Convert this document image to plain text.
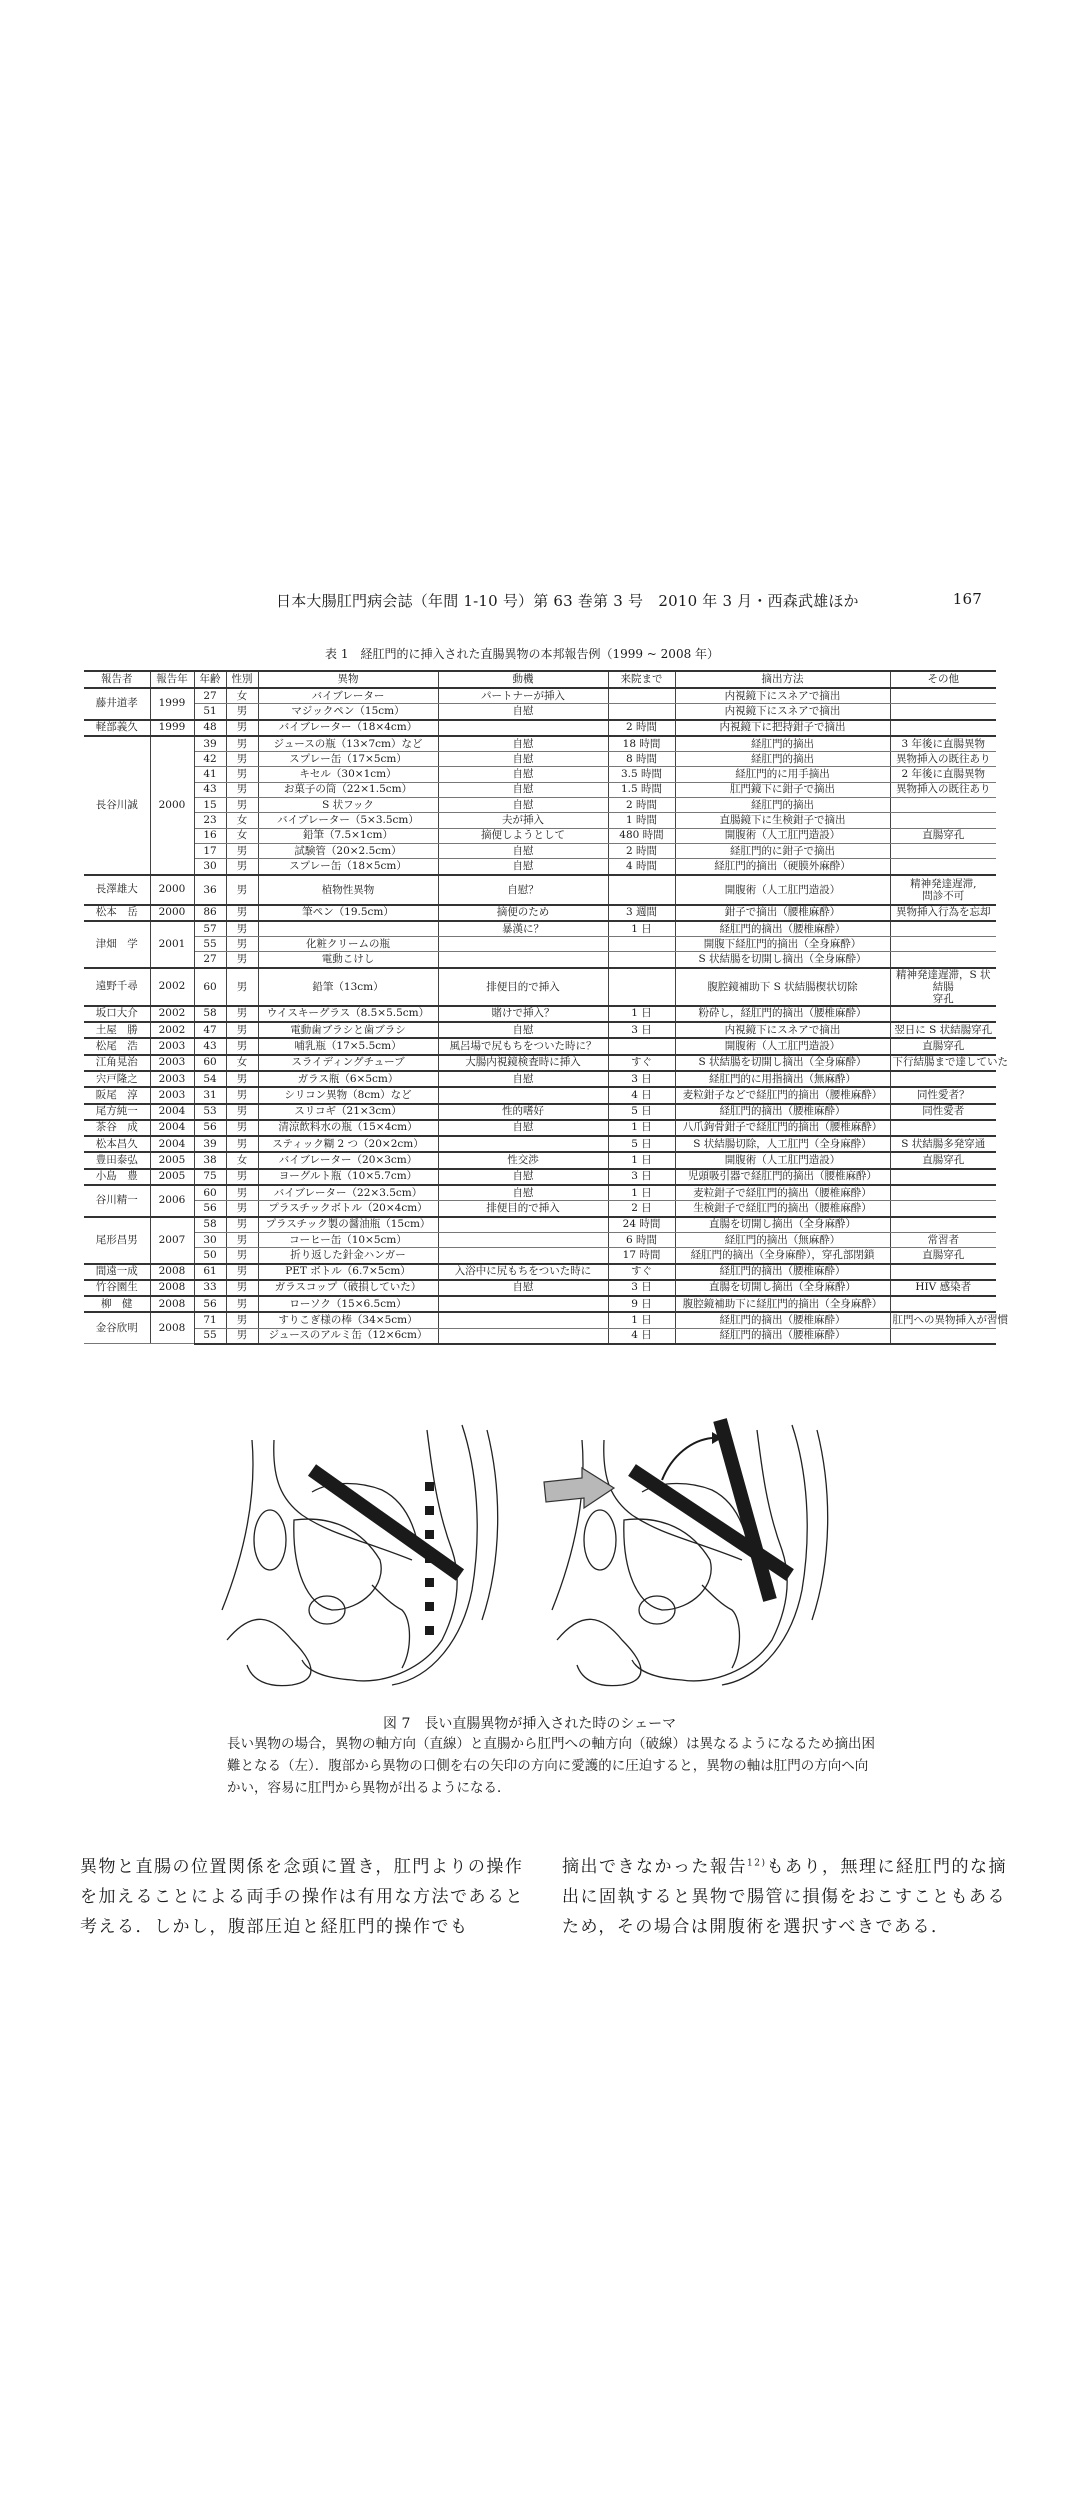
日本大腸肛門病会誌（年間 1-10 号）第 63 巻第 3 号　2010 年 3 月・西森武雄ほか	167
表 1　経肛門的に挿入された直腸異物の本邦報告例（1999 ~ 2008 年）
報告者	報告年	年齢	性別	異物	動機	来院まで	摘出方法	その他
藤井道孝	1999	27	女	バイブレーター	パートナーが挿入		内視鏡下にスネアで摘出	
		51	男	マジックペン（15cm）	自慰		内視鏡下にスネアで摘出	
軽部義久	1999	48	男	バイブレーター（18×4cm）		2 時間	内視鏡下に把持鉗子で摘出	
長谷川誠	2000	39	男	ジュースの瓶（13×7cm）など	自慰	18 時間	経肛門的摘出	3 年後に直腸異物
		42	男	スプレー缶（17×5cm）	自慰	8 時間	経肛門的摘出	異物挿入の既往あり
		41	男	キセル（30×1cm）	自慰	3.5 時間	経肛門的に用手摘出	2 年後に直腸異物
		43	男	お菓子の筒（22×1.5cm）	自慰	1.5 時間	肛門鏡下に鉗子で摘出	異物挿入の既往あり
		15	男	S 状フック	自慰	2 時間	経肛門的摘出	
		23	女	バイブレーター（5×3.5cm）	夫が挿入	1 時間	直腸鏡下に生検鉗子で摘出	
		16	女	鉛筆（7.5×1cm）	摘便しようとして	480 時間	開腹術（人工肛門造設）	直腸穿孔
		17	男	試験管（20×2.5cm）	自慰	2 時間	経肛門的に鉗子で摘出	
		30	男	スプレー缶（18×5cm）	自慰	4 時間	経肛門的摘出（硬膜外麻酔）	
長澤雄大	2000	36	男	植物性異物	自慰？		開腹術（人工肛門造設）	精神発達遅滞,
問診不可
松本　岳	2000	86	男	筆ペン（19.5cm）	摘便のため	3 週間	鉗子で摘出（腰椎麻酔）	異物挿入行為を忘却
津畑　学	2001	57	男		暴漢に？	1 日	経肛門的摘出（腰椎麻酔）	
		55	男	化粧クリームの瓶			開腹下経肛門的摘出（全身麻酔）	
		27	男	電動こけし			S 状結腸を切開し摘出（全身麻酔）	
遠野千尋	2002	60	男	鉛筆（13cm）	排便目的で挿入		腹腔鏡補助下 S 状結腸楔状切除	精神発達遅滞，S 状結腸
穿孔
坂口大介	2002	58	男	ウイスキーグラス（8.5×5.5cm）	賭けで挿入？	1 日	粉砕し，経肛門的摘出（腰椎麻酔）	
土屋　勝	2002	47	男	電動歯ブラシと歯ブラシ	自慰	3 日	内視鏡下にスネアで摘出	翌日に S 状結腸穿孔
松尾　浩	2003	43	男	哺乳瓶（17×5.5cm）	風呂場で尻もちをついた時に？		開腹術（人工肛門造設）	直腸穿孔
江角晃治	2003	60	女	スライディングチューブ	大腸内視鏡検査時に挿入	すぐ	S 状結腸を切開し摘出（全身麻酔）	下行結腸まで達していた
宍戸隆之	2003	54	男	ガラス瓶（6×5cm）	自慰	3 日	経肛門的に用指摘出（無麻酔）	
阪尾　淳	2003	31	男	シリコン異物（8cm）など		4 日	麦粒鉗子などで経肛門的摘出（腰椎麻酔）	同性愛者？
尾方純一	2004	53	男	スリコギ（21×3cm）	性的嗜好	5 日	経肛門的摘出（腰椎麻酔）	同性愛者
茶谷　成	2004	56	男	清涼飲料水の瓶（15×4cm）	自慰	1 日	八爪鉤骨鉗子で経肛門的摘出（腰椎麻酔）	
松本昌久	2004	39	男	スティック糊 2 つ（20×2cm）		5 日	S 状結腸切除，人工肛門（全身麻酔）	S 状結腸多発穿通
豊田泰弘	2005	38	女	バイブレーター（20×3cm）	性交渉	1 日	開腹術（人工肛門造設）	直腸穿孔
小島　豊	2005	75	男	ヨーグルト瓶（10×5.7cm）	自慰	3 日	児頭吸引器で経肛門的摘出（腰椎麻酔）	
谷川精一	2006	60	男	バイブレーター（22×3.5cm）	自慰	1 日	麦粒鉗子で経肛門的摘出（腰椎麻酔）	
		56	男	プラスチックボトル（20×4cm）	排便目的で挿入	2 日	生検鉗子で経肛門的摘出（腰椎麻酔）	
尾形昌男	2007	58	男	プラスチック製の醤油瓶（15cm）		24 時間	直腸を切開し摘出（全身麻酔）	
		30	男	コーヒー缶（10×5cm）		6 時間	経肛門的摘出（無麻酔）	常習者
		50	男	折り返した針金ハンガー		17 時間	経肛門的摘出（全身麻酔），穿孔部閉鎖	直腸穿孔
間遠一成	2008	61	男	PET ボトル（6.7×5cm）	入浴中に尻もちをついた時に	すぐ	経肛門的摘出（腰椎麻酔）	
竹谷園生	2008	33	男	ガラスコップ（破損していた）	自慰	3 日	直腸を切開し摘出（全身麻酔）	HIV 感染者
柳　健	2008	56	男	ローソク（15×6.5cm）		9 日	腹腔鏡補助下に経肛門的摘出（全身麻酔）	
金谷欣明	2008	71	男	すりこぎ様の棒（34×5cm）		1 日	経肛門的摘出（腰椎麻酔）	肛門への異物挿入が習慣
		55	男	ジュースのアルミ缶（12×6cm）		4 日	経肛門的摘出（腰椎麻酔）	
図 7　長い直腸異物が挿入された時のシェーマ
長い異物の場合，異物の軸方向（直線）と直腸から肛門への軸方向（破線）は異なるようになるため摘出困難となる（左）．腹部から異物の口側を右の矢印の方向に愛護的に圧迫すると，異物の軸は肛門の方向へ向かい，容易に肛門から異物が出るようになる．
異物と直腸の位置関係を念頭に置き，肛門よりの操作を加えることによる両手の操作は有用な方法であると考える．しかし，腹部圧迫と経肛門的操作でも
摘出できなかった報告$^{12)}$もあり，無理に経肛門的な摘出に固執すると異物で腸管に損傷をおこすこともあるため，その場合は開腹術を選択すべきである．
